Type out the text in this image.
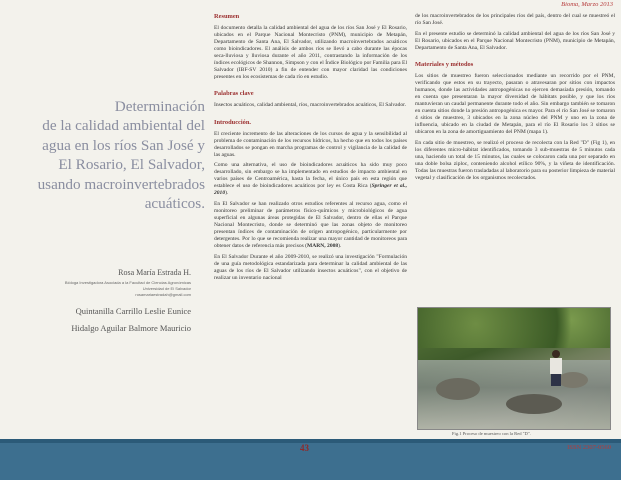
Bioma, Marzo 2013
Determinación
de la calidad ambiental del
agua en los ríos San José y
El Rosario, El Salvador,
usando macroinvertebrados
acuáticos.
Rosa María Estrada H.
Bióloga Investigadora Asociada a la Facultad de Ciencias Agronómicas
Universidad de El Salvador
rosamariaestradah@gmail.com
Quintanilla Carrillo Leslie Eunice
Hidalgo Aguilar Balmore Mauricio
Resumen

El documento detalla la calidad ambiental del agua de los ríos San José y El Rosario, ubicados en el Parque Nacional Montecristo (PNM), municipio de Metapán, Departamento de Santa Ana, El Salvador, utilizando macroinvertebrados acuáticos como bioindicadores. El análisis de ambos ríos se llevó a cabo durante las épocas seca-lluviosa y lluviosa durante el año 2011, contrastando la información de los índices ecológicos de Shannon, Simpson y con el Índice Biológico por Familia para El Salvador (IBF-SV 2010) a fin de entender con mayor claridad las condiciones presentes en los ecosistemas de cada río en estudio.

Palabras clave

Insectos acuáticos, calidad ambiental, ríos, macroinvertebrados acuáticos, El Salvador.

Introducción.

El creciente incremento de las alteraciones de los cursos de agua y la sensibilidad al problema de contaminación de los recursos hídricos, ha hecho que en todos los países desarrollados se pongan en marcha programas de control y vigilancia de la calidad de las aguas.

Como una alternativa, el uso de bioindicadores acuáticos ha sido muy poco desarrollado, sin embargo se ha implementado en estudios de impacto ambiental en varios países de Centroamérica, hasta la fecha, el único país en esta región que establece el uso de bioindicadores acuáticos por ley es Costa Rica (Springer et al., 2010).

En El Salvador se han realizado otros estudios referentes al recurso agua, como el monitoreo preliminar de parámetros físico-químicos y microbiológicos de agua superficial en algunas áreas protegidas de El Salvador, dentro de ellas el Parque Nacional Montecristo, donde se determinó que las zonas objeto de monitoreo presentan índices de contaminación de origen antropogénico, particularmente por detergentes. Por lo que se recomienda realizar una mayor cantidad de monitoreos para obtener datos de referencia más precisos (MARN, 2008).

En El Salvador Durante el año 2009-2010, se realizó una investigación "Formulación de una guía metodológica estandarizada para determinar la calidad ambiental de las aguas de los ríos de El Salvador utilizando insectos acuáticos", con el objetivo de realizar un inventario nacional

de los macroinvertebrados de los principales ríos del país, dentro del cual se muestreó el río San José.

En el presente estudio se determinó la calidad ambiental del agua de los ríos San José y El Rosario, ubicados en el Parque Nacional Montecristo (PNM), municipio de Metapán, Departamento de Santa Ana, El Salvador.

Materiales y métodos

Los sitios de muestreo fueron seleccionados mediante un recorrido por el PNM, verificando que estos en su trayecto, pasaran o atravesaran por sitios con impactos humanos, donde las actividades antropogénicas no ejercen demasiada presión, tomando en cuenta que presentaran la mayor diversidad de hábitats posible, y que los ríos mantuvieran un caudal permanente durante todo el año. Sin embargo también se tomaron en cuenta sitios donde la presión antropogénica es mayor. Para el río San José se tomaron 4 sitios de muestreo, 3 ubicados en la zona núcleo del PNM y uno en la zona de influencia, ubicado en la ciudad de Metapán, para el río El Rosario los 3 sitios se ubicaron en la zona de amortiguamiento del PNM (mapa 1).

En cada sitio de muestreo, se realizó el proceso de recolecta con la Red "D" (Fig 1), en los diferentes micro-hábitat identificados, tomando 3 sub-muestras de 5 minutos cada una, haciendo un total de 15 minutos, las cuales se colocaron cada una por separado en una doble bolsa ziploc, conteniendo alcohol etílico 90%, y la viñeta de identificación. Todas las muestras fueron trasladadas al laboratorio para su posterior limpieza de material vegetal y clasificación de los organismos recolectados.

Fig.1 Proceso de muestreo con la Red "D".
43	ISSN 2307-0560
